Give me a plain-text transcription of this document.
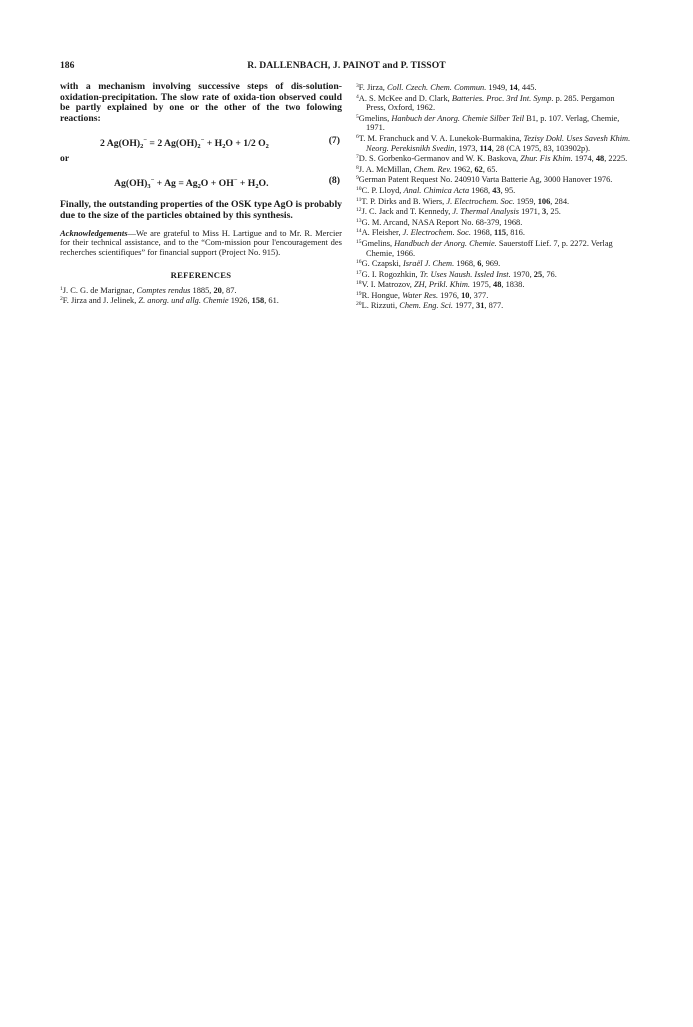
186	R. DALLENBACH, J. PAINOT and P. TISSOT

with a mechanism involving successive steps of dis-solution-oxidation-precipitation. The slow rate of oxida-tion observed could be partly explained by one or the other of the two folowing reactions:

2 $Ag(OH)_2^- = 2$ $Ag(OH)_2^- + H_2O + 1/2$ $O_2$
(7)
or
$Ag(OH)_3^- + Ag = Ag_2O + OH^- + H_2O$.	(8)

Finally, the outstanding properties of the OSK type AgO is probably due to the size of the particles obtained by this synthesis.

Acknowledgements—We are grateful to Miss H. Lartigue and to Mr. R. Mercier for their technical assistance, and to the “Com-mission pour l'encouragement des recherches scientifiques” for financial support (Project No. 915).

REFERENCES

$^1$J. C. G. de Marignac, Comptes rendus 1885, 20, 87.

$^2$F. Jirza and J. Jelinek, Z. anorg. und allg. Chemie 1926, 158, 61.

$^3$F. Jirza, Coll. Czech. Chem. Commun. 1949, 14, 445.

$^4$A. S. McKee and D. Clark, Batteries. Proc. 3rd Int. Symp. p. 285. Pergamon Press, Oxford, 1962.

$^5$Gmelins, Hanbuch der Anorg. Chemie Silber Teil B1, p. 107. Verlag, Chemie, 1971.

$^6$T. M. Franchuck and V. A. Lunekok-Burmakina, Tezisy Dokl. Uses Savesh Khim. Neorg. Perekisnikh Svedin, 1973, 114, 28 (CA 1975, 83, 103902p).

$^7$D. S. Gorbenko-Germanov and W. K. Baskova, Zhur. Fis Khim. 1974, 48, 2225.

$^8$J. A. McMillan, Chem. Rev. 1962, 62, 65.

$^9$German Patent Request No. 240910 Varta Batterie Ag, 3000 Hanover 1976.

$^{10}$C. P. Lloyd, Anal. Chimica Acta 1968, 43, 95.

$^{11}$T. P. Dirks and B. Wiers, J. Electrochem. Soc. 1959, 106, 284.

$^{12}$J. C. Jack and T. Kennedy, J. Thermal Analysis 1971, 3, 25.

$^{13}$G. M. Arcand, NASA Report No. 68-379, 1968.

$^{14}$A. Fleisher, J. Electrochem. Soc. 1968, 115, 816.

$^{15}$Gmelins, Handbuch der Anorg. Chemie. Sauerstoff Lief. 7, p. 2272. Verlag Chemie, 1966.

$^{16}$G. Czapski, Israël J. Chem. 1968, 6, 969.

$^{17}$G. I. Rogozhkin, Tr. Uses Naush. Issled Inst. 1970, 25, 76.

$^{18}$V. I. Matrozov, ZH, Prikl. Khim. 1975, 48, 1838.

$^{19}$R. Hongue, Water Res. 1976, 10, 377.

$^{20}$L. Rizzuti, Chem. Eng. Sci. 1977, 31, 877.
